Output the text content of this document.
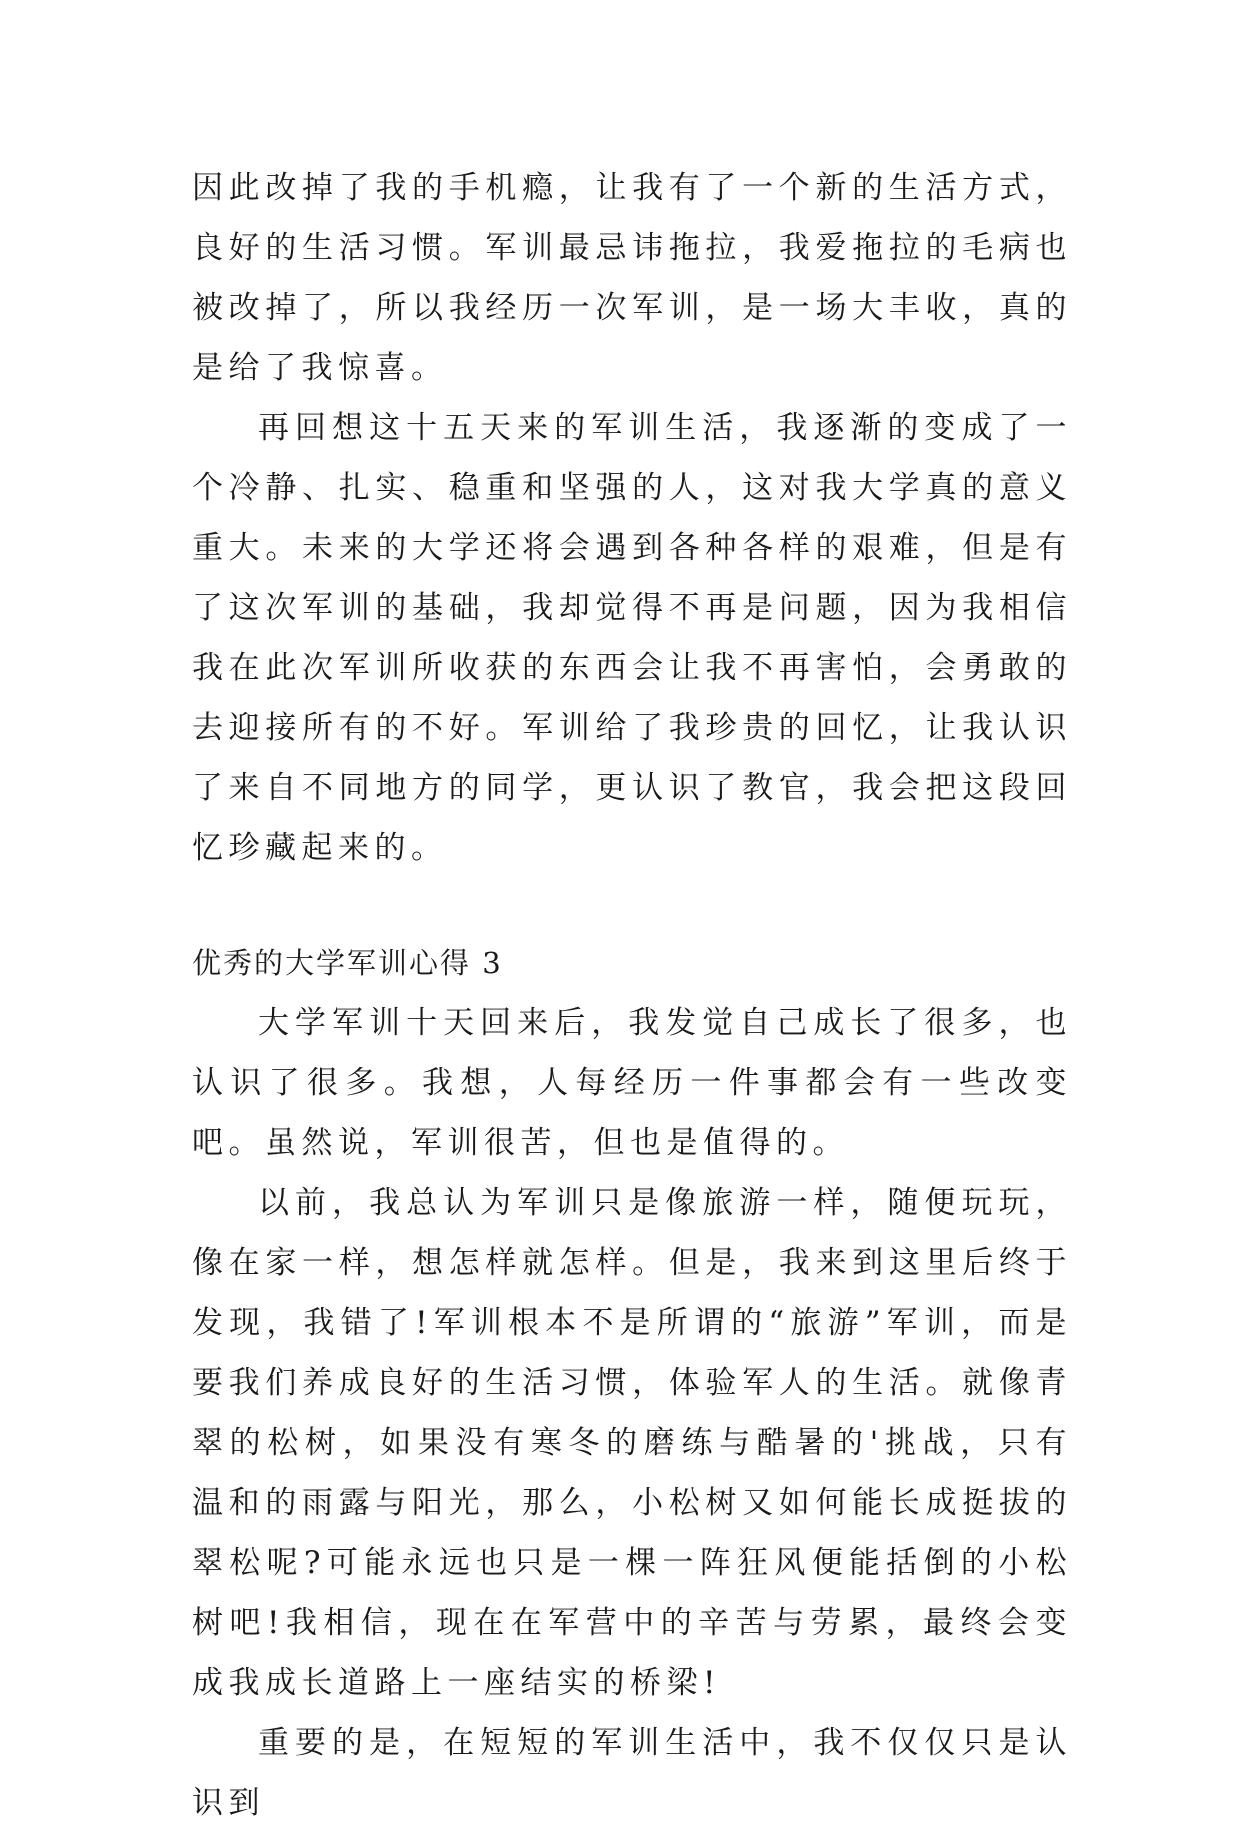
因此改掉了我的手机瘾，让我有了一个新的生活方式，良好的生活习惯。军训最忌讳拖拉，我爱拖拉的毛病也被改掉了，所以我经历一次军训，是一场大丰收，真的是给了我惊喜。

再回想这十五天来的军训生活，我逐渐的变成了一个冷静、扎实、稳重和坚强的人，这对我大学真的意义重大。未来的大学还将会遇到各种各样的艰难，但是有了这次军训的基础，我却觉得不再是问题，因为我相信我在此次军训所收获的东西会让我不再害怕，会勇敢的去迎接所有的不好。军训给了我珍贵的回忆，让我认识了来自不同地方的同学，更认识了教官，我会把这段回忆珍藏起来的。

优秀的大学军训心得 3

大学军训十天回来后，我发觉自己成长了很多，也认识了很多。我想，人每经历一件事都会有一些改变吧。虽然说，军训很苦，但也是值得的。

以前，我总认为军训只是像旅游一样，随便玩玩，像在家一样，想怎样就怎样。但是，我来到这里后终于发现，我错了!军训根本不是所谓的“旅游”军训，而是要我们养成良好的生活习惯，体验军人的生活。就像青翠的松树，如果没有寒冬的磨练与酷暑的'挑战，只有温和的雨露与阳光，那么，小松树又如何能长成挺拔的翠松呢?可能永远也只是一棵一阵狂风便能括倒的小松树吧!我相信，现在在军营中的辛苦与劳累，最终会变成我成长道路上一座结实的桥梁!

重要的是，在短短的军训生活中，我不仅仅只是认识到
